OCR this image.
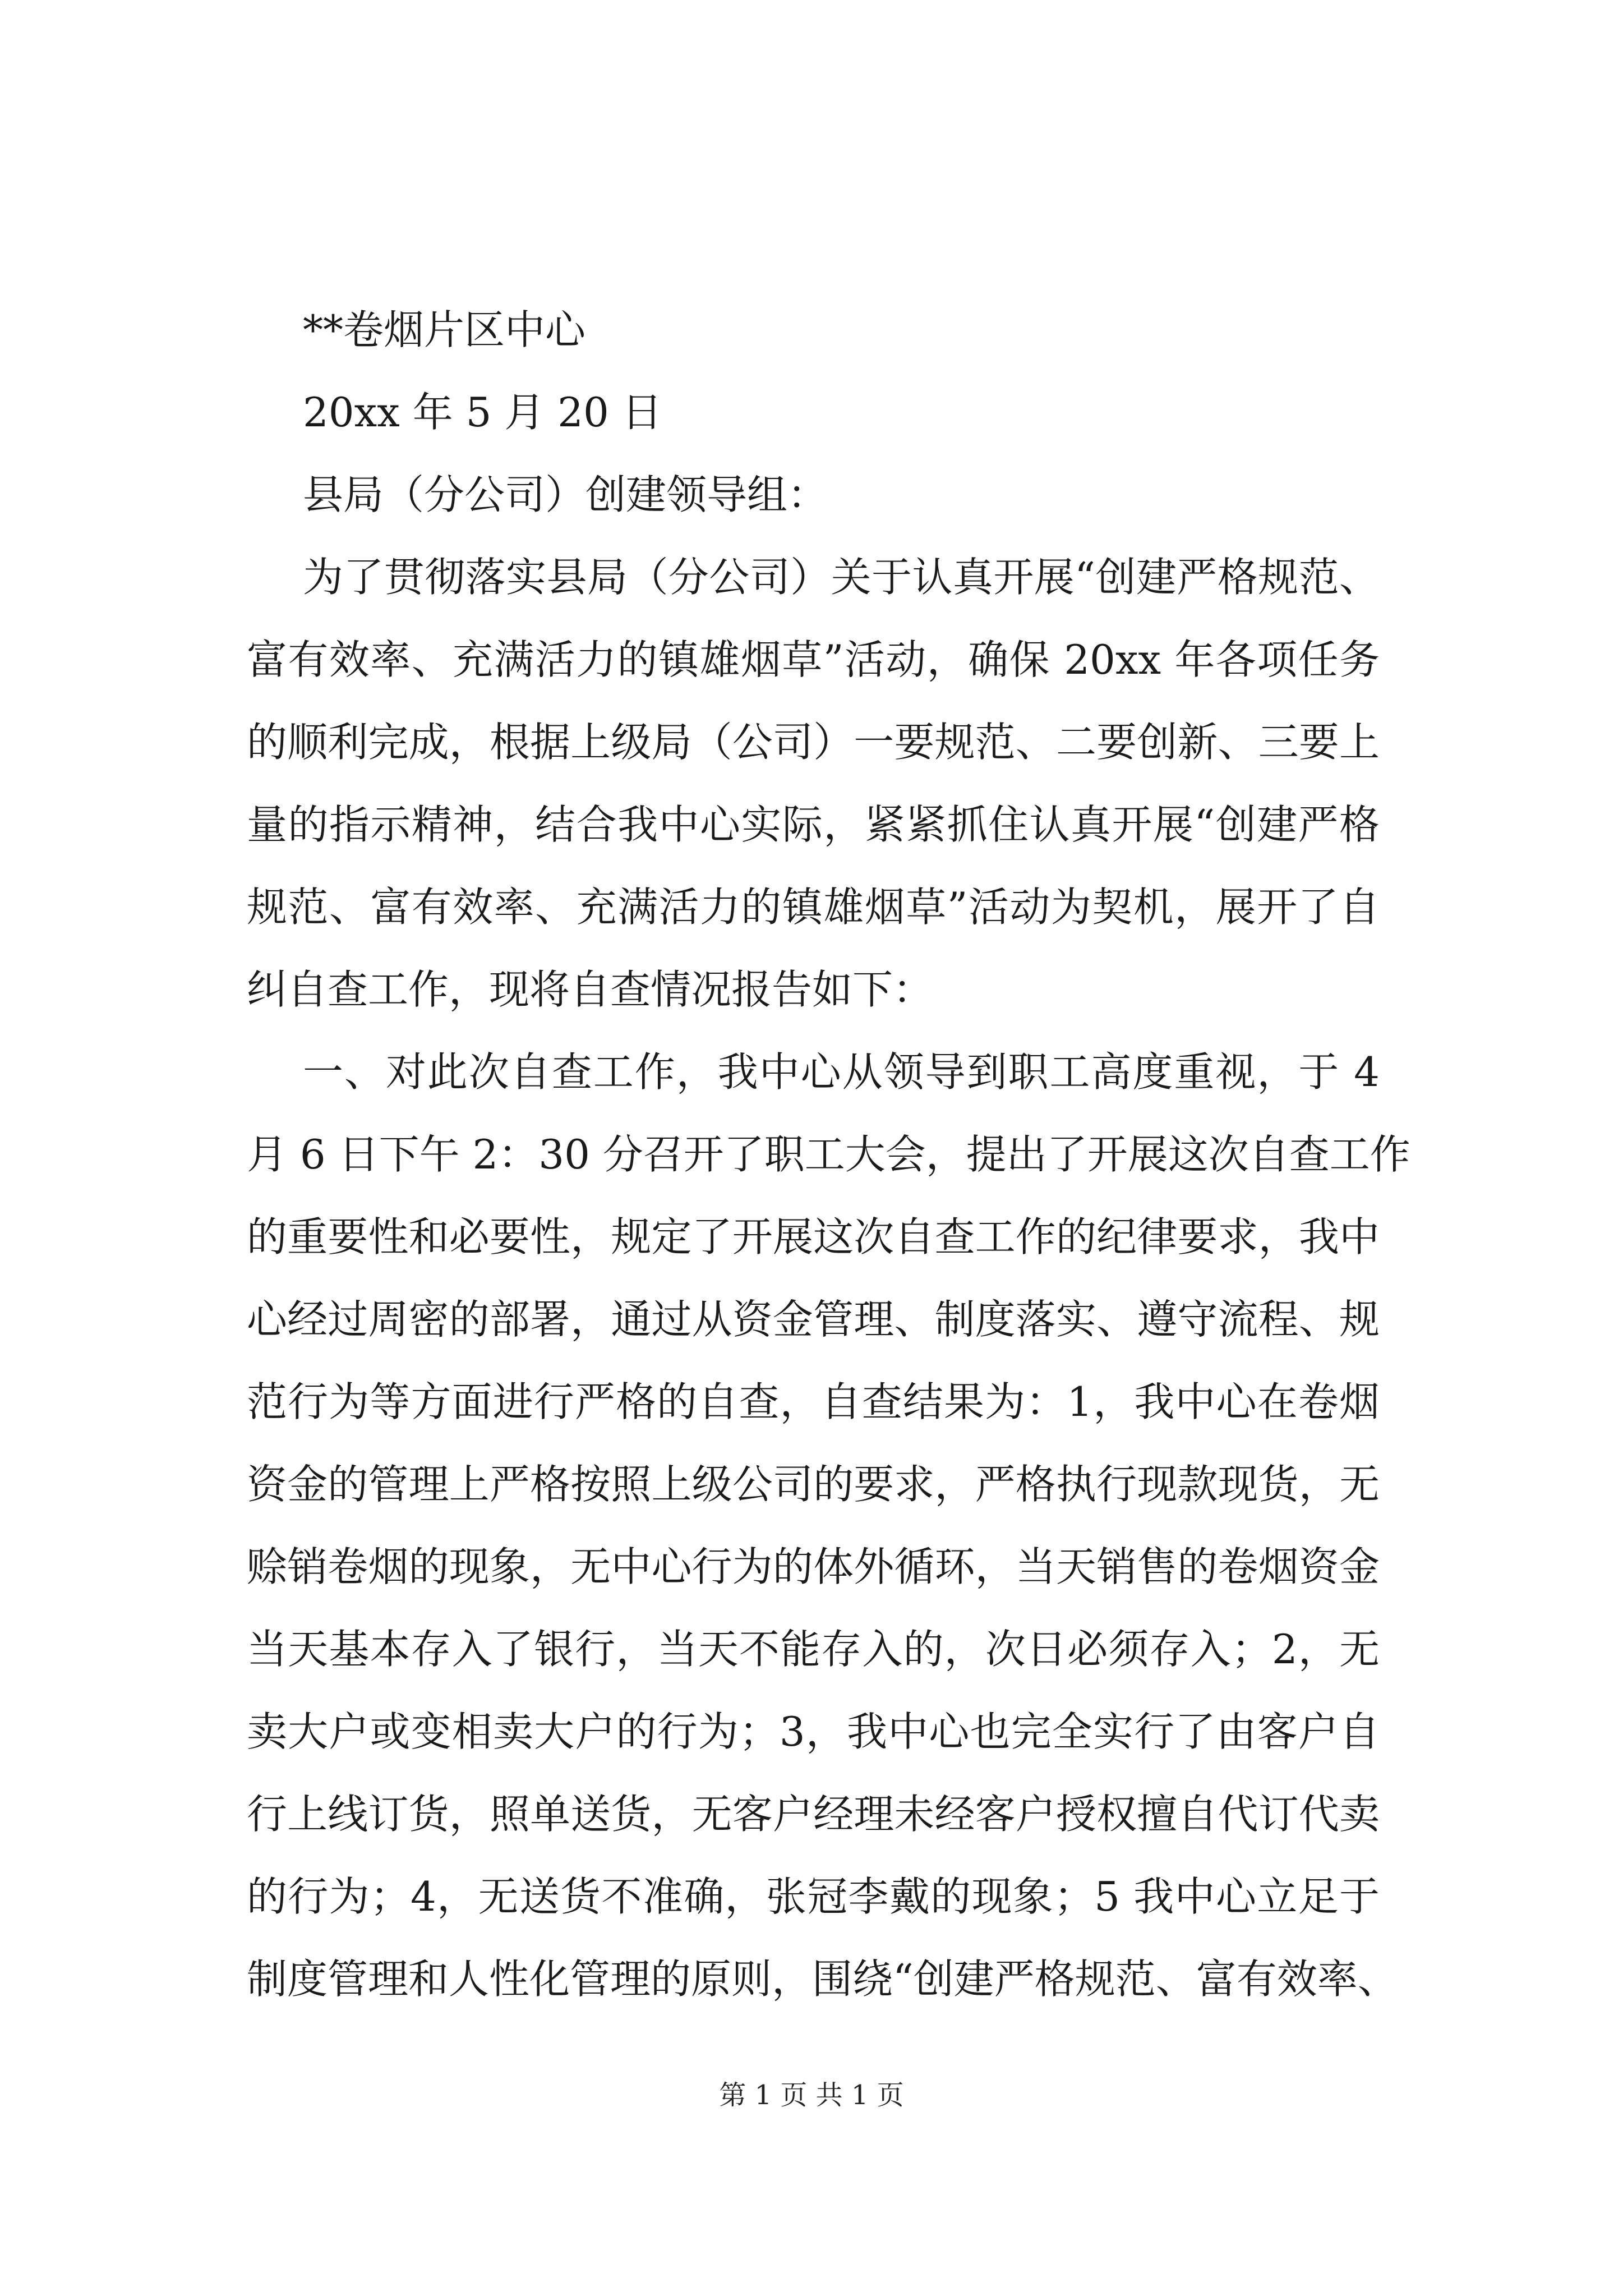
**卷烟片区中心
20xx 年 5 月 20 日
县局（分公司）创建领导组：
为了贯彻落实县局（分公司）关于认真开展“创建严格规范、
富有效率、充满活力的镇雄烟草”活动，确保 20xx 年各项任务
的顺利完成，根据上级局（公司）一要规范、二要创新、三要上
量的指示精神，结合我中心实际，紧紧抓住认真开展“创建严格
规范、富有效率、充满活力的镇雄烟草”活动为契机，展开了自
纠自查工作，现将自查情况报告如下：
一、对此次自查工作，我中心从领导到职工高度重视，于 4
月 6 日下午 2：30 分召开了职工大会，提出了开展这次自查工作
的重要性和必要性，规定了开展这次自查工作的纪律要求，我中
心经过周密的部署，通过从资金管理、制度落实、遵守流程、规
范行为等方面进行严格的自查，自查结果为：1，我中心在卷烟
资金的管理上严格按照上级公司的要求，严格执行现款现货，无
赊销卷烟的现象，无中心行为的体外循环，当天销售的卷烟资金
当天基本存入了银行，当天不能存入的，次日必须存入；2，无
卖大户或变相卖大户的行为；3，我中心也完全实行了由客户自
行上线订货，照单送货，无客户经理未经客户授权擅自代订代卖
的行为；4，无送货不准确，张冠李戴的现象；5 我中心立足于
制度管理和人性化管理的原则，围绕“创建严格规范、富有效率、
第 1 页 共 1 页
